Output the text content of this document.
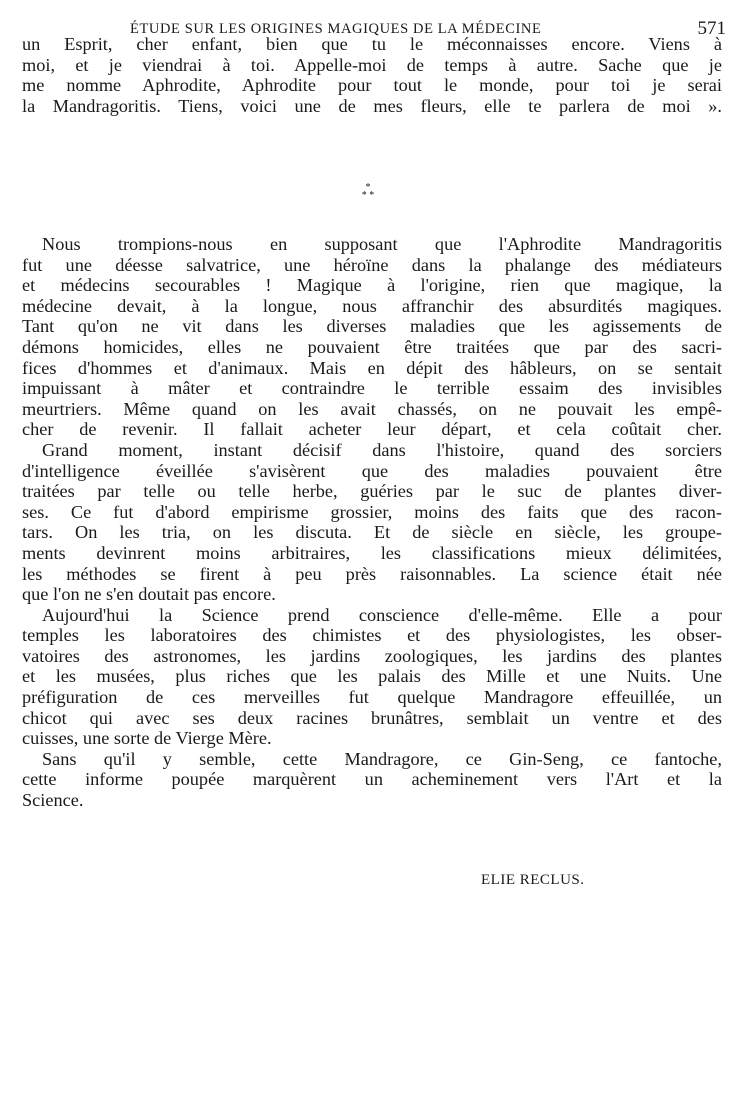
ÉTUDE SUR LES ORIGINES MAGIQUES DE LA MÉDECINE	571
un Esprit, cher enfant, bien que tu le méconnaisses encore. Viens à
moi, et je viendrai à toi. Appelle-moi de temps à autre. Sache que je
me nomme Aphrodite, Aphrodite pour tout le monde, pour toi je serai
la Mandragoritis. Tiens, voici une de mes fleurs, elle te parlera de moi ».
*
* *
Nous trompions-nous en supposant que l'Aphrodite Mandragoritis
fut une déesse salvatrice, une héroïne dans la phalange des médiateurs
et médecins secourables ! Magique à l'origine, rien que magique, la
médecine devait, à la longue, nous affranchir des absurdités magiques.
Tant qu'on ne vit dans les diverses maladies que les agissements de
démons homicides, elles ne pouvaient être traitées que par des sacri-
fices d'hommes et d'animaux. Mais en dépit des hâbleurs, on se sentait
impuissant à mâter et contraindre le terrible essaim des invisibles
meurtriers. Même quand on les avait chassés, on ne pouvait les empê-
cher de revenir. Il fallait acheter leur départ, et cela coûtait cher.
Grand moment, instant décisif dans l'histoire, quand des sorciers
d'intelligence éveillée s'avisèrent que des maladies pouvaient être
traitées par telle ou telle herbe, guéries par le suc de plantes diver-
ses. Ce fut d'abord empirisme grossier, moins des faits que des racon-
tars. On les tria, on les discuta. Et de siècle en siècle, les groupe-
ments devinrent moins arbitraires, les classifications mieux délimitées,
les méthodes se firent à peu près raisonnables. La science était née
que l'on ne s'en doutait pas encore.
Aujourd'hui la Science prend conscience d'elle-même. Elle a pour
temples les laboratoires des chimistes et des physiologistes, les obser-
vatoires des astronomes, les jardins zoologiques, les jardins des plantes
et les musées, plus riches que les palais des Mille et une Nuits. Une
préfiguration de ces merveilles fut quelque Mandragore effeuillée, un
chicot qui avec ses deux racines brunâtres, semblait un ventre et des
cuisses, une sorte de Vierge Mère.
Sans qu'il y semble, cette Mandragore, ce Gin-Seng, ce fantoche,
cette informe poupée marquèrent un acheminement vers l'Art et la
Science.
ELIE RECLUS.
